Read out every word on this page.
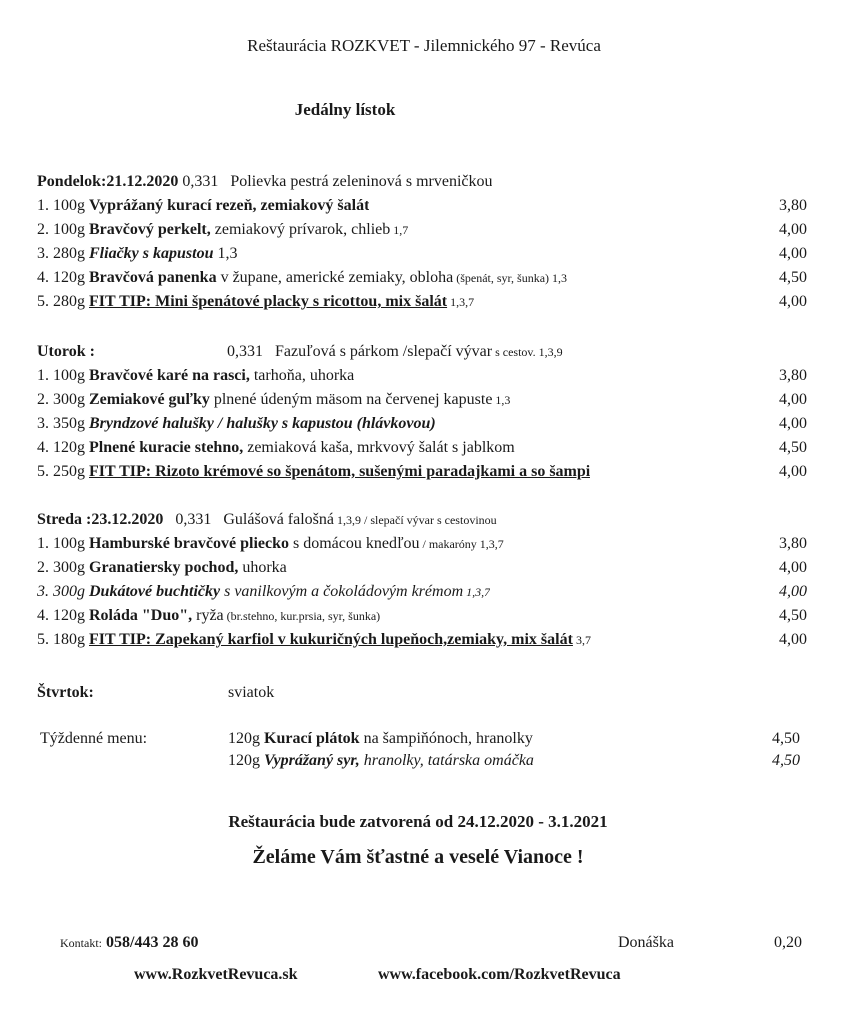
Reštaurácia ROZKVET - Jilemnického 97 - Revúca
Jedálny lístok
Pondelok:21.12.2020 0,331 Polievka pestrá zeleninová s mrveničkou
1. 100g Vyprážaný kurací rezeň, zemiakový šalát	3,80
2. 100g Bravčový perkelt, zemiakový prívarok, chlieb 1,7	4,00
3. 280g Fliačky s kapustou 1,3	4,00
4. 120g Bravčová panenka v župane, americké zemiaky, obloha (špenát, syr, šunka) 1,3	4,50
5. 280g FIT TIP: Mini špenátové placky s ricottou, mix šalát 1,3,7	4,00
Utorok :	0,331 Fazuľová s párkom /slepačí vývar s cestov. 1,3,9
1. 100g Bravčové karé na rasci, tarhoňa, uhorka	3,80
2. 300g Zemiakové guľky plnené údeným mäsom na červenej kapuste 1,3	4,00
3. 350g Bryndzové halušky / halušky s kapustou (hlávkovou)	4,00
4. 120g Plnené kuracie stehno, zemiaková kaša, mrkvový šalát s jablkom	4,50
5. 250g FIT TIP: Rizoto krémové so špenátom, sušenými paradajkami a so šampi	4,00
Streda :23.12.2020 0,331 Gulášová falošná 1,3,9 / slepačí vývar s cestovinou
1. 100g Hamburské bravčové pliecko s domácou knedľou / makaróny 1,3,7	3,80
2. 300g Granatiersky pochod, uhorka	4,00
3. 300g Dukátové buchtičky s vanilkovým a čokoládovým krémom 1,3,7	4,00
4. 120g Roláda "Duo", ryža (br.stehno, kur.prsia, syr, šunka)	4,50
5. 180g FIT TIP: Zapekaný karfiol v kukuričných lupeňoch,zemiaky, mix šalát 3,7	4,00
Štvrtok:	sviatok
Týždenné menu:	120g Kurací plátok na šampiňónoch, hranolky	4,50
120g Vyprážaný syr, hranolky, tatárska omáčka	4,50
Reštaurácia bude zatvorená od 24.12.2020 - 3.1.2021
Želáme Vám šťastné a veselé Vianoce !
Kontakt: 058/443 28 60	Donáška	0,20
www.RozkvetRevuca.sk	www.facebook.com/RozkvetRevuca
